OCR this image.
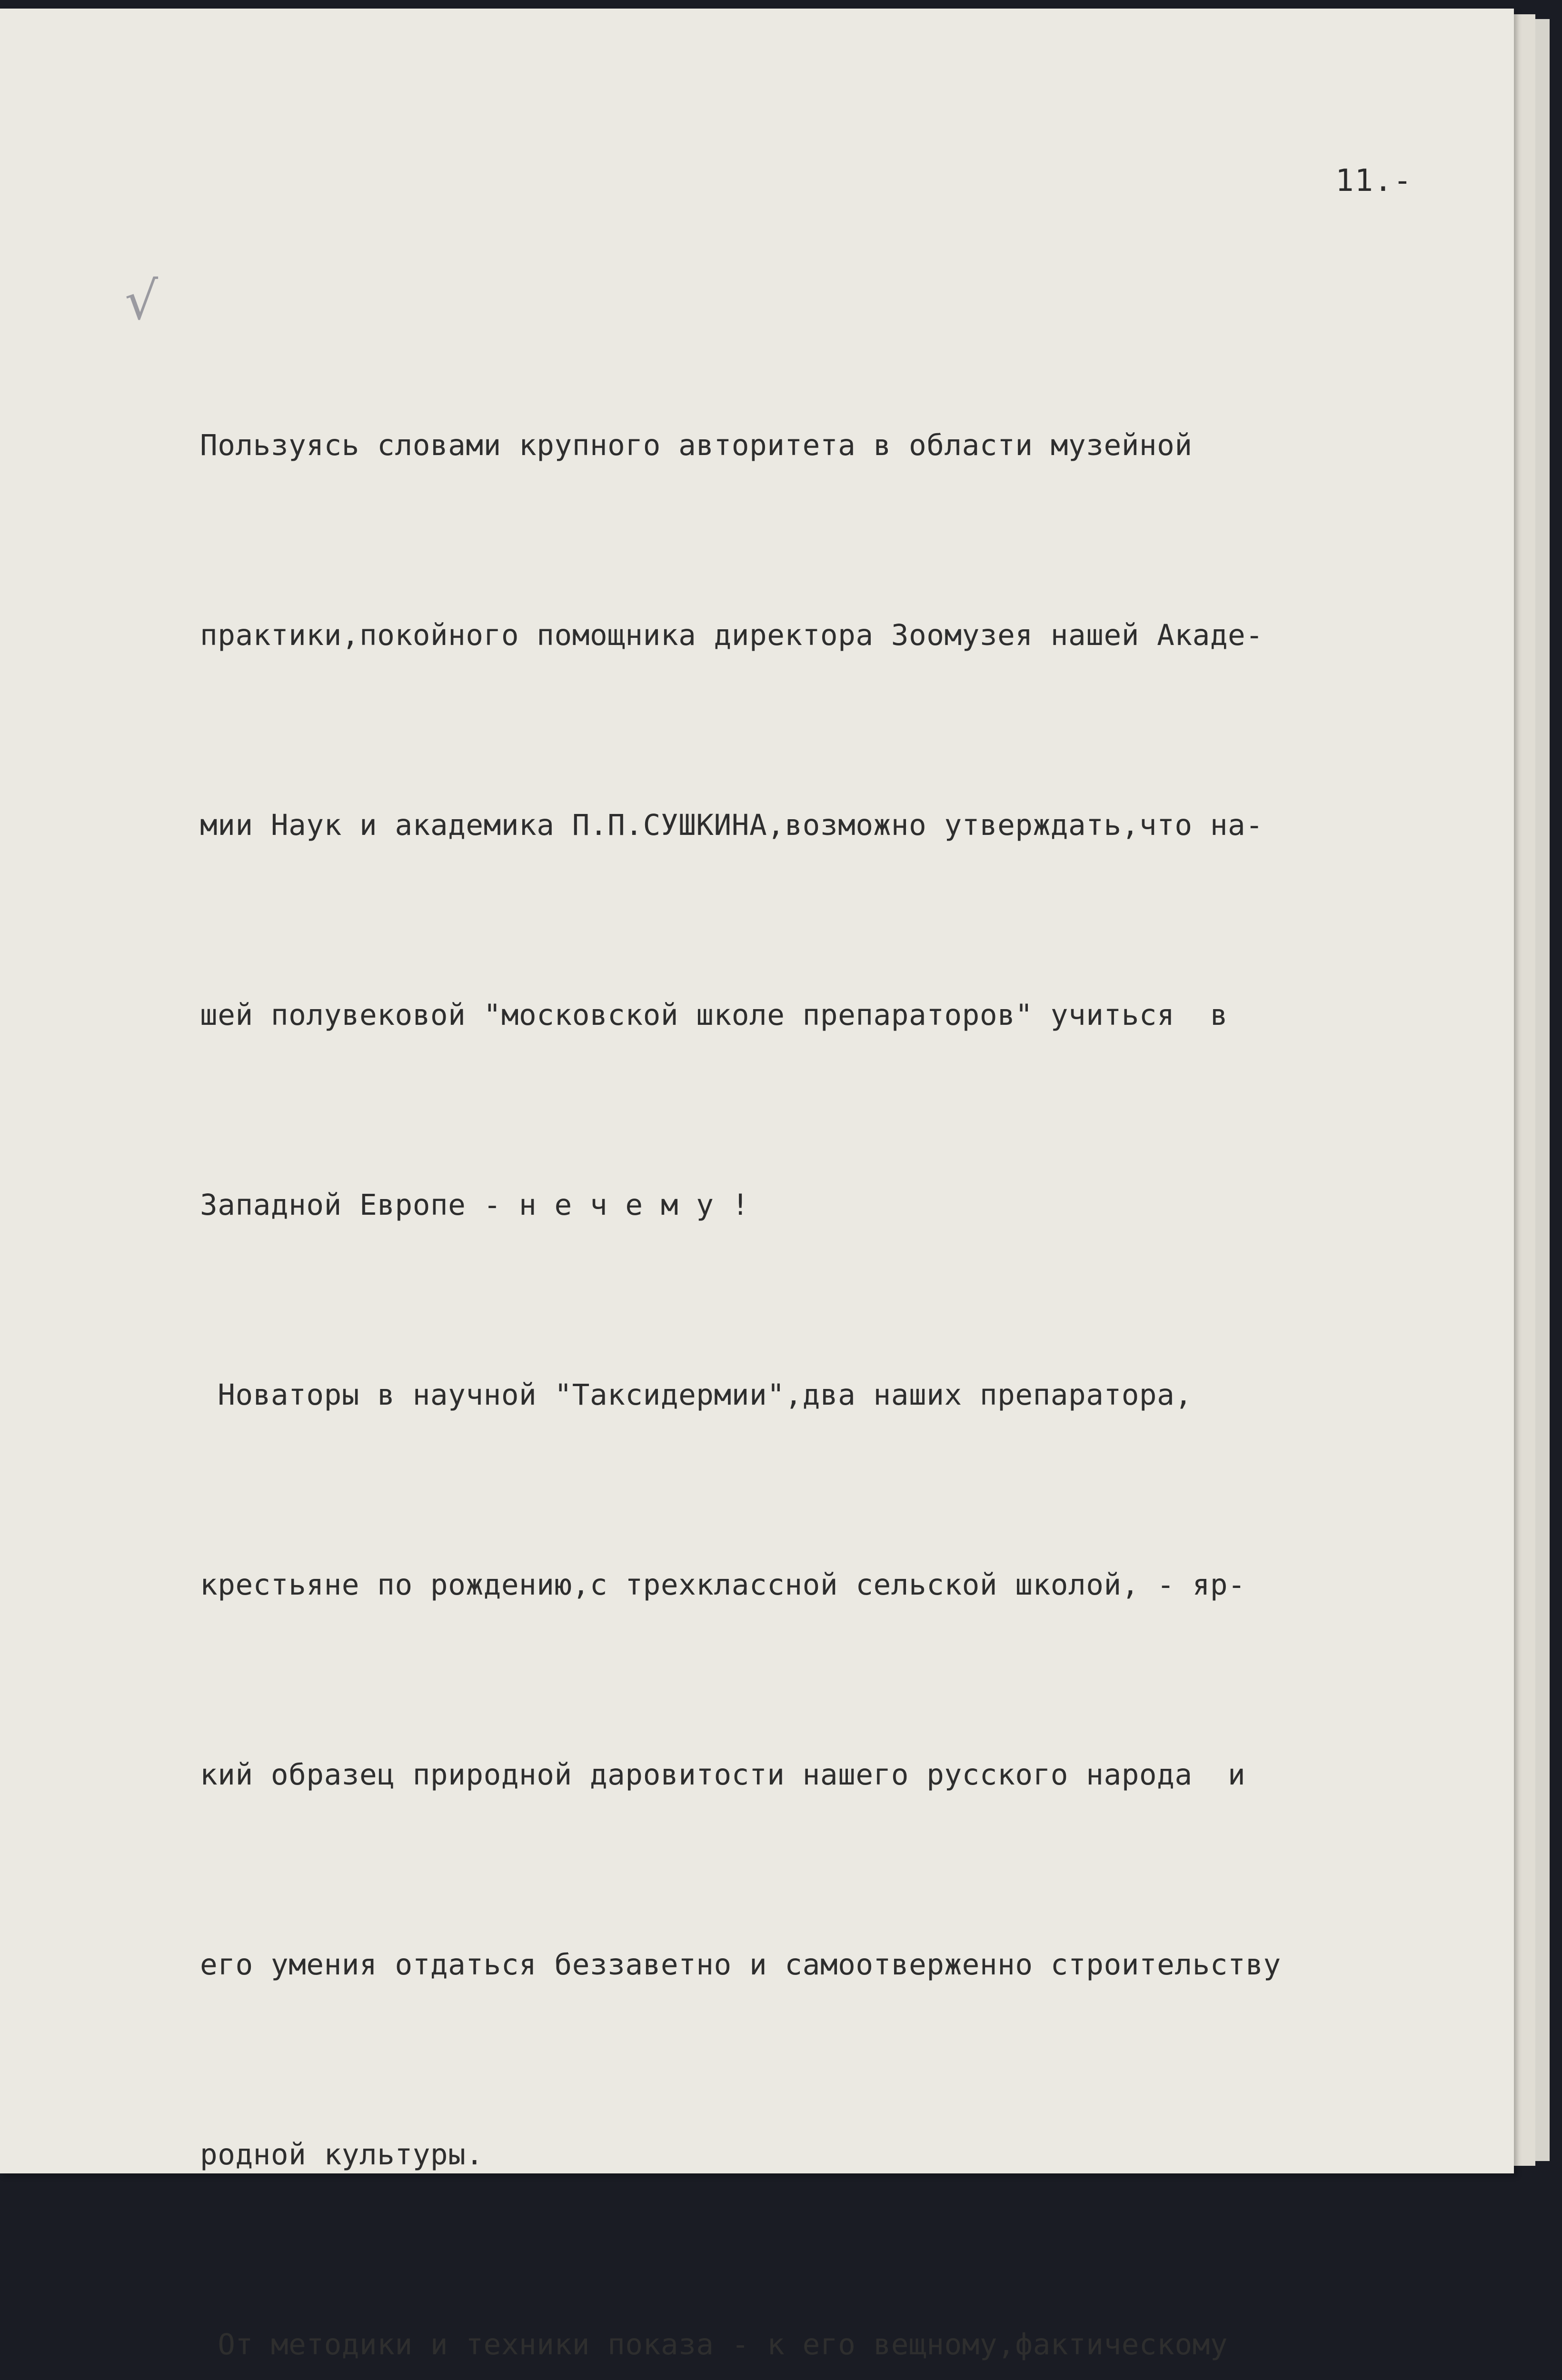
11.-
√

Пользуясь словами крупного авторитета в области музейной

практики,покойного помощника директора Зоомузея нашей Акаде-

мии Наук и академика П.П.СУШКИНА,возможно утверждать,что на-

шей полувековой "московской школе препараторов" учиться  в

Западной Европе - н е ч е м у !

Новаторы в научной "Таксидермии",два наших препаратора,

крестьяне по рождению,с трехклассной сельской школой, - яр-

кий образец природной даровитости нашего русского народа  и

его умения отдаться беззаветно и самоотверженно строительству

родной культуры.

От методики и техники показа - к его вещному,фактическому
